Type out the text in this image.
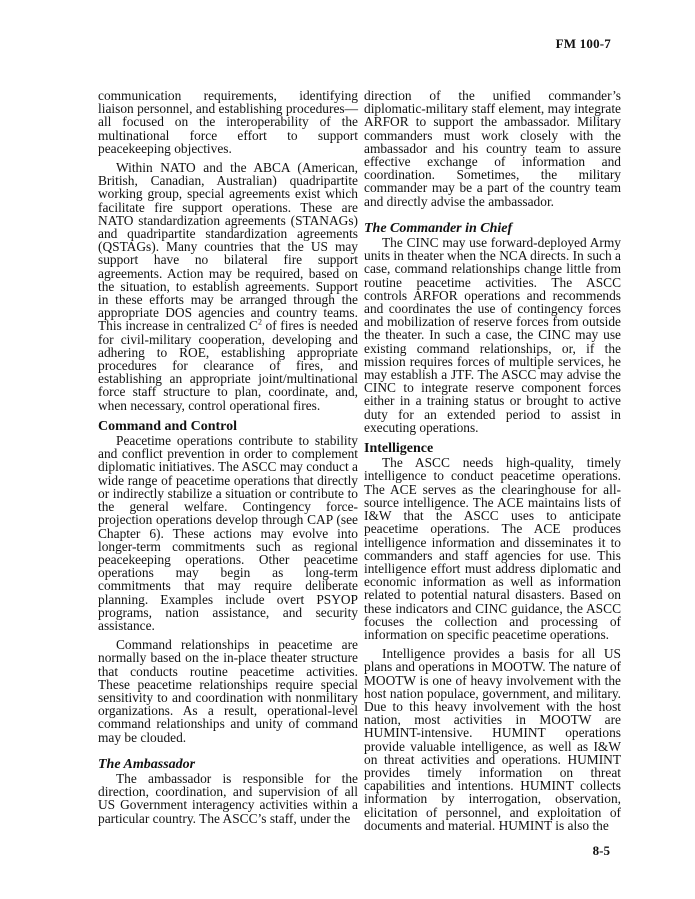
FM 100-7

communication requirements, identifying liaison personnel, and establishing procedures—all focused on the interoperability of the multinational force effort to support peacekeeping objectives.

Within NATO and the ABCA (American, British, Canadian, Australian) quadripartite working group, special agreements exist which facilitate fire support operations. These are NATO standardization agreements (STANAGs) and quadripartite standardization agreements (QSTAGs). Many countries that the US may support have no bilateral fire support agreements. Action may be required, based on the situation, to establish agreements. Support in these efforts may be arranged through the appropriate DOS agencies and country teams. This increase in centralized $C^2$ of fires is needed for civil-military cooperation, developing and adhering to ROE, establishing appropriate procedures for clearance of fires, and establishing an appropriate joint/multinational force staff structure to plan, coordinate, and, when necessary, control operational fires.

Command and Control

Peacetime operations contribute to stability and conflict prevention in order to complement diplomatic initiatives. The ASCC may conduct a wide range of peacetime operations that directly or indirectly stabilize a situation or contribute to the general welfare. Contingency force-projection operations develop through CAP (see Chapter 6). These actions may evolve into longer-term commitments such as regional peacekeeping operations. Other peacetime operations may begin as long-term commitments that may require deliberate planning. Examples include overt PSYOP programs, nation assistance, and security assistance.

Command relationships in peacetime are normally based on the in-place theater structure that conducts routine peacetime activities. These peacetime relationships require special sensitivity to and coordination with nonmilitary organizations. As a result, operational-level command relationships and unity of command may be clouded.

The Ambassador

The ambassador is responsible for the direction, coordination, and supervision of all US Government interagency activities within a particular country. The ASCC’s staff, under the

direction of the unified commander’s diplomatic-military staff element, may integrate ARFOR to support the ambassador. Military commanders must work closely with the ambassador and his country team to assure effective exchange of information and coordination. Sometimes, the military commander may be a part of the country team and directly advise the ambassador.

The Commander in Chief

The CINC may use forward-deployed Army units in theater when the NCA directs. In such a case, command relationships change little from routine peacetime activities. The ASCC controls ARFOR operations and recommends and coordinates the use of contingency forces and mobilization of reserve forces from outside the theater. In such a case, the CINC may use existing command relationships, or, if the mission requires forces of multiple services, he may establish a JTF. The ASCC may advise the CINC to integrate reserve component forces either in a training status or brought to active duty for an extended period to assist in executing operations.

Intelligence

The ASCC needs high-quality, timely intelligence to conduct peacetime operations. The ACE serves as the clearinghouse for all-source intelligence. The ACE maintains lists of I&W that the ASCC uses to anticipate peacetime operations. The ACE produces intelligence information and disseminates it to commanders and staff agencies for use. This intelligence effort must address diplomatic and economic information as well as information related to potential natural disasters. Based on these indicators and CINC guidance, the ASCC focuses the collection and processing of information on specific peacetime operations.

Intelligence provides a basis for all US plans and operations in MOOTW. The nature of MOOTW is one of heavy involvement with the host nation populace, government, and military. Due to this heavy involvement with the host nation, most activities in MOOTW are HUMINT-intensive. HUMINT operations provide valuable intelligence, as well as I&W on threat activities and operations. HUMINT provides timely information on threat capabilities and intentions. HUMINT collects information by interrogation, observation, elicitation of personnel, and exploitation of documents and material. HUMINT is also the

8-5
